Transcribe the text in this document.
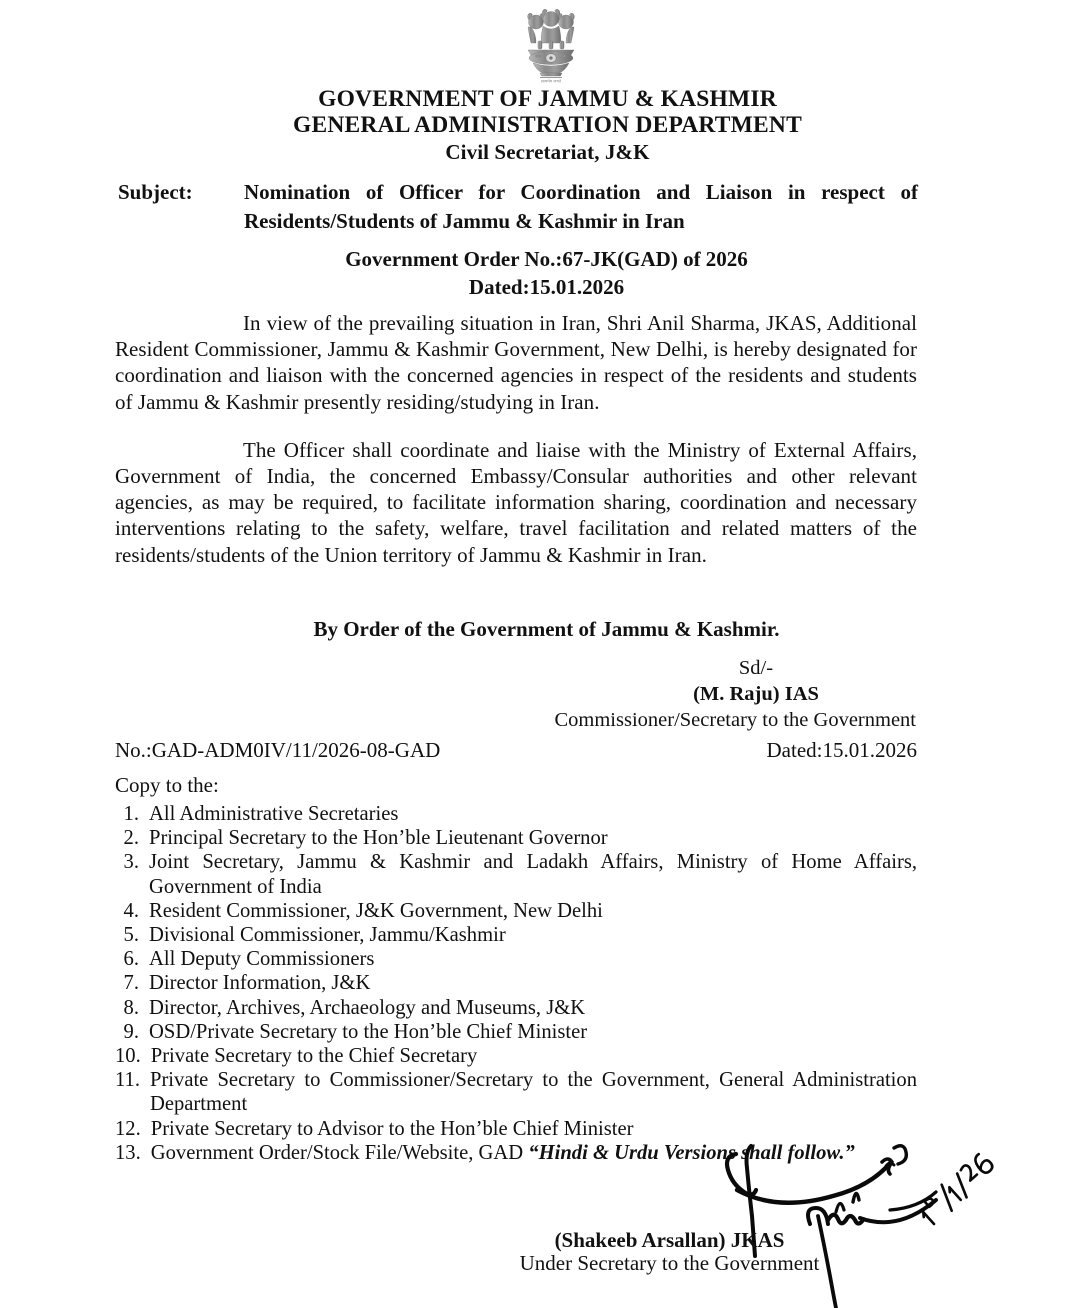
सत्यमेव जयते
GOVERNMENT OF JAMMU & KASHMIR
GENERAL ADMINISTRATION DEPARTMENT
Civil Secretariat, J&K
Subject:	Nomination of Officer for Coordination and Liaison in respect of Residents/Students of Jammu & Kashmir in Iran
Government Order No.:67-JK(GAD) of 2026
Dated:15.01.2026

In view of the prevailing situation in Iran, Shri Anil Sharma, JKAS, Additional Resident Commissioner, Jammu & Kashmir Government, New Delhi, is hereby designated for coordination and liaison with the concerned agencies in respect of the residents and students of Jammu & Kashmir presently residing/studying in Iran.

The Officer shall coordinate and liaise with the Ministry of External Affairs, Government of India, the concerned Embassy/Consular authorities and other relevant agencies, as may be required, to facilitate information sharing, coordination and necessary interventions relating to the safety, welfare, travel facilitation and related matters of the residents/students of the Union territory of Jammu & Kashmir in Iran.

By Order of the Government of Jammu & Kashmir.
Sd/-
(M. Raju) IAS
Commissioner/Secretary to the Government
No.:GAD-ADM0IV/11/2026-08-GAD	Dated:15.01.2026
Copy to the:
1. All Administrative Secretaries
2. Principal Secretary to the Hon’ble Lieutenant Governor
3. Joint Secretary, Jammu & Kashmir and Ladakh Affairs, Ministry of Home Affairs, Government of India
4. Resident Commissioner, J&K Government, New Delhi
5. Divisional Commissioner, Jammu/Kashmir
6. All Deputy Commissioners
7. Director Information, J&K
8. Director, Archives, Archaeology and Museums, J&K
9. OSD/Private Secretary to the Hon’ble Chief Minister
10. Private Secretary to the Chief Secretary
11. Private Secretary to Commissioner/Secretary to the Government, General Administration Department
12. Private Secretary to Advisor to the Hon’ble Chief Minister
13. Government Order/Stock File/Website, GAD “Hindi & Urdu Versions shall follow.”
(Shakeeb Arsallan) JKAS
Under Secretary to the Government
